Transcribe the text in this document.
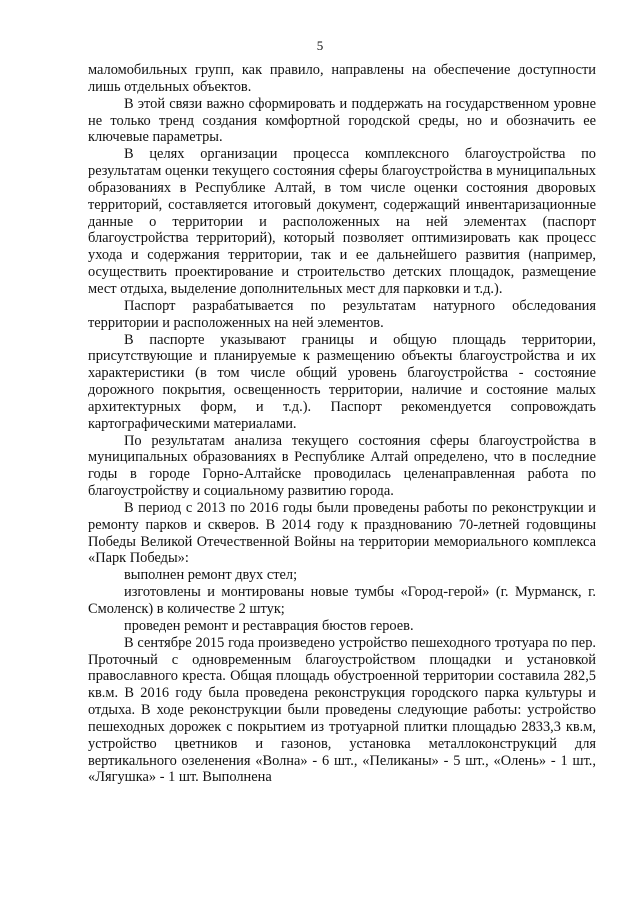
5

маломобильных групп, как правило, направлены на обеспечение доступности лишь отдельных объектов.

В этой связи важно сформировать и поддержать на государственном уровне не только тренд создания комфортной городской среды, но и обозначить ее ключевые параметры.

В целях организации процесса комплексного благоустройства по результатам оценки текущего состояния сферы благоустройства в муниципальных образованиях в Республике Алтай, в том числе оценки состояния дворовых территорий, составляется итоговый документ, содержащий инвентаризационные данные о территории и расположенных на ней элементах (паспорт благоустройства территорий), который позволяет оптимизировать как процесс ухода и содержания территории, так и ее дальнейшего развития (например, осуществить проектирование и строительство детских площадок, размещение мест отдыха, выделение дополнительных мест для парковки и т.д.).

Паспорт разрабатывается по результатам натурного обследования территории и расположенных на ней элементов.

В паспорте указывают границы и общую площадь территории, присутствующие и планируемые к размещению объекты благоустройства и их характеристики (в том числе общий уровень благоустройства - состояние дорожного покрытия, освещенность территории, наличие и состояние малых архитектурных форм, и т.д.). Паспорт рекомендуется сопровождать картографическими материалами.

По результатам анализа текущего состояния сферы благоустройства в муниципальных образованиях в Республике Алтай определено, что в последние годы в городе Горно-Алтайске проводилась целенаправленная работа по благоустройству и социальному развитию города.

В период с 2013 по 2016 годы были проведены работы по реконструкции и ремонту парков и скверов. В 2014 году к празднованию 70-летней годовщины Победы Великой Отечественной Войны на территории мемориального комплекса «Парк Победы»:

выполнен ремонт двух стел;

изготовлены и монтированы новые тумбы «Город-герой» (г. Мурманск, г. Смоленск) в количестве 2 штук;

проведен ремонт и реставрация бюстов героев.

В сентябре 2015 года произведено устройство пешеходного тротуара по пер. Проточный с одновременным благоустройством площадки и установкой православного креста. Общая площадь обустроенной территории составила 282,5 кв.м. В 2016 году была проведена реконструкция городского парка культуры и отдыха. В ходе реконструкции были проведены следующие работы: устройство пешеходных дорожек с покрытием из тротуарной плитки площадью 2833,3 кв.м, устройство цветников и газонов, установка металлоконструкций для вертикального озеленения «Волна» - 6 шт., «Пеликаны» - 5 шт., «Олень» - 1 шт., «Лягушка» - 1 шт. Выполнена
